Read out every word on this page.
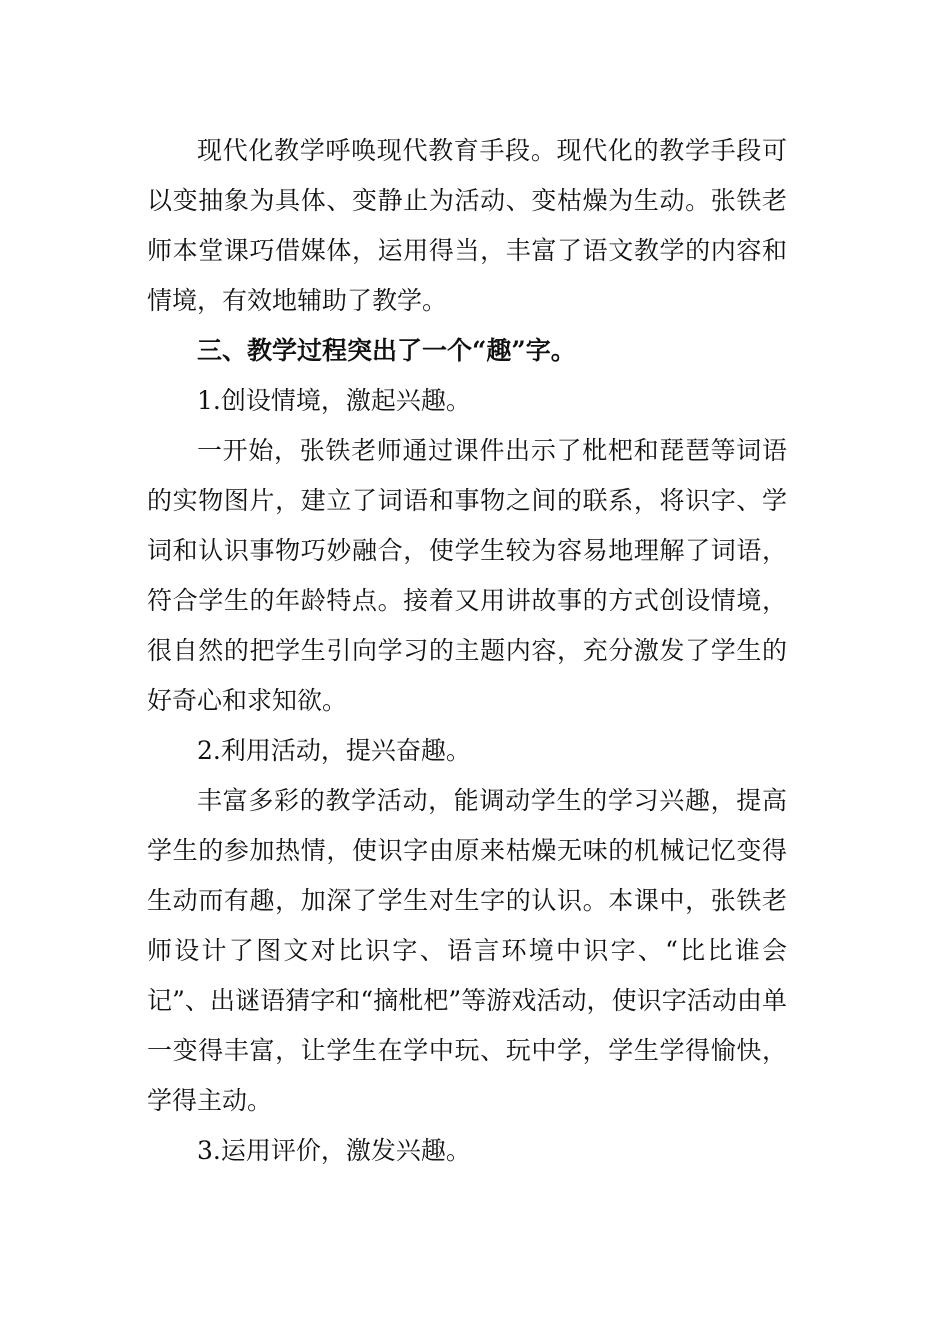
现代化教学呼唤现代教育手段。现代化的教学手段可以变抽象为具体、变静止为活动、变枯燥为生动。张铁老师本堂课巧借媒体，运用得当，丰富了语文教学的内容和情境，有效地辅助了教学。

三、教学过程突出了一个“趣”字。

1.创设情境，激起兴趣。

一开始，张铁老师通过课件出示了枇杷和琵琶等词语的实物图片，建立了词语和事物之间的联系，将识字、学词和认识事物巧妙融合，使学生较为容易地理解了词语，符合学生的年龄特点。接着又用讲故事的方式创设情境，很自然的把学生引向学习的主题内容，充分激发了学生的好奇心和求知欲。

2.利用活动，提兴奋趣。

丰富多彩的教学活动，能调动学生的学习兴趣，提高学生的参加热情，使识字由原来枯燥无味的机械记忆变得生动而有趣，加深了学生对生字的认识。本课中，张铁老师设计了图文对比识字、语言环境中识字、“比比谁会记”、出谜语猜字和“摘枇杷”等游戏活动，使识字活动由单一变得丰富，让学生在学中玩、玩中学，学生学得愉快，学得主动。

3.运用评价，激发兴趣。
